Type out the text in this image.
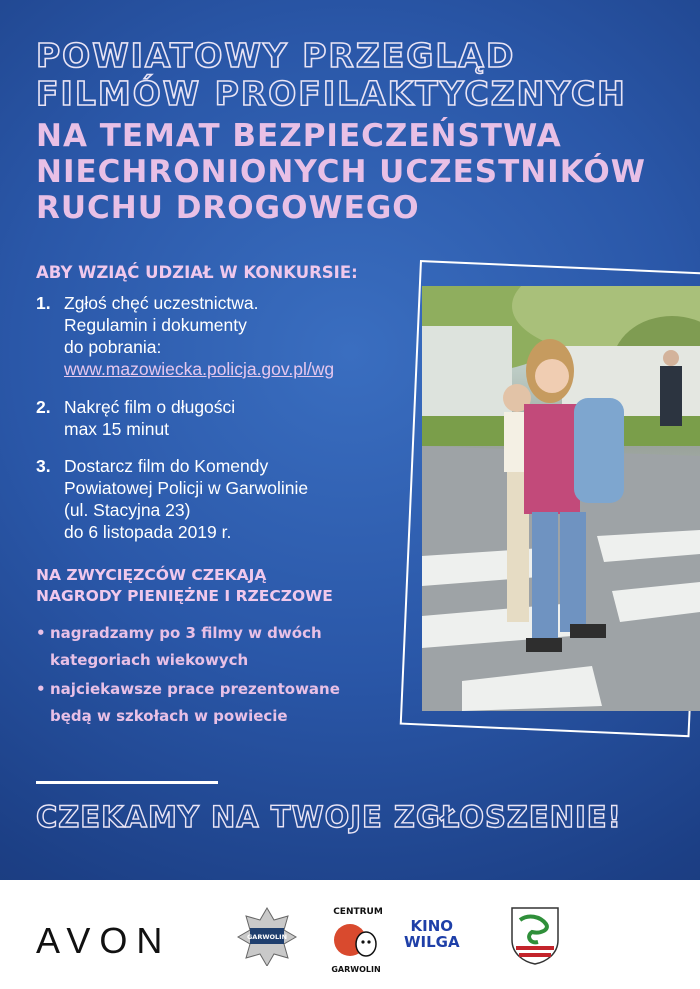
POWIATOWY PRZEGLĄD
FILMÓW PROFILAKTYCZNYCH
NA TEMAT BEZPIECZEŃSTWA
NIECHRONIONYCH UCZESTNIKÓW
RUCHU DROGOWEGO
ABY WZIĄĆ UDZIAŁ W KONKURSIE:
1. Zgłoś chęć uczestnictwa.
Regulamin i dokumenty
do pobrania:
www.mazowiecka.policja.gov.pl/wg
2. Nakręć film o długości
max 15 minut
3. Dostarcz film do Komendy
Powiatowej Policji w Garwolinie
(ul. Stacyjna 23)
do 6 listopada 2019 r.
NA ZWYCIĘZCÓW CZEKAJĄ
NAGRODY PIENIĘŻNE I RZECZOWE
• nagradzamy po 3 filmy w dwóch
kategoriach wiekowych
• najciekawsze prace prezentowane
będą w szkołach w powiecie
CZEKAMY NA TWOJE ZGŁOSZENIE!
AVON	GARWOLIN
CENTRUM
GARWOLIN
KINO
WILGA
